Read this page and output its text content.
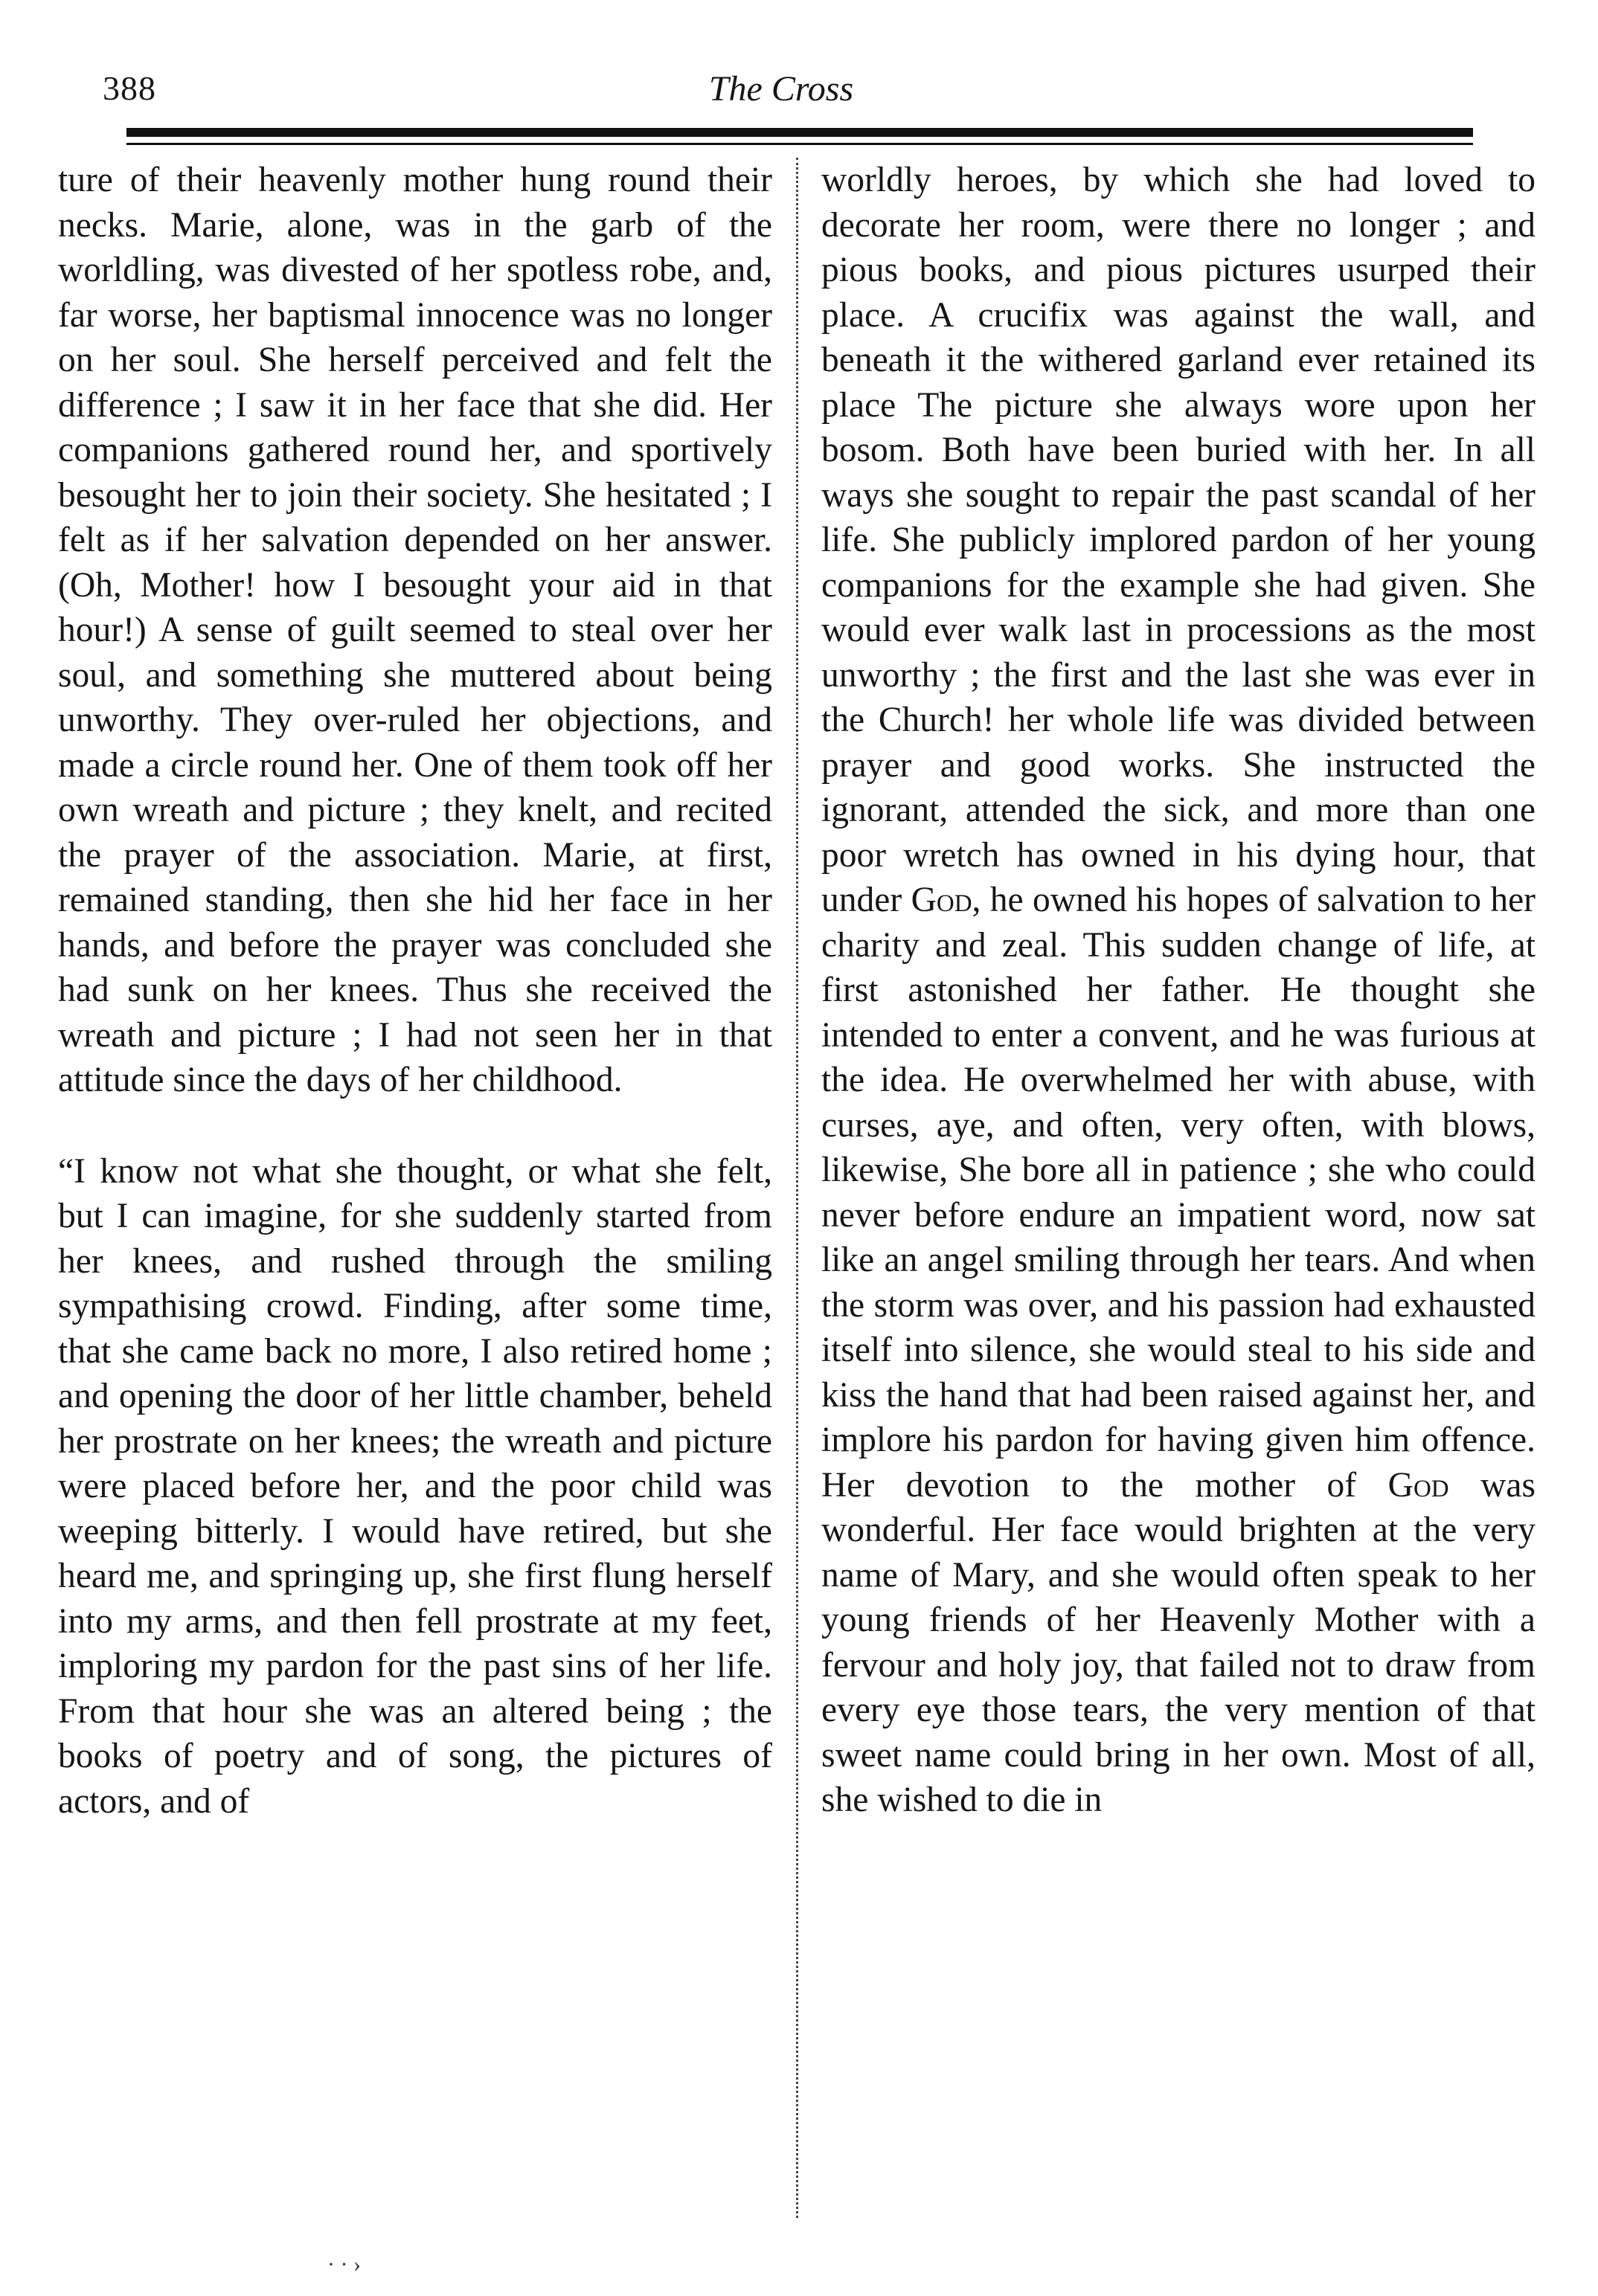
388	The Cross

ture of their heavenly mother hung round their necks. Marie, alone, was in the garb of the worldling, was divested of her spotless robe, and, far worse, her baptismal innocence was no longer on her soul. She herself perceived and felt the difference ; I saw it in her face that she did. Her companions gathered round her, and sportively besought her to join their society. She hesitated ; I felt as if her salvation depended on her answer. (Oh, Mother! how I besought your aid in that hour!) A sense of guilt seemed to steal over her soul, and something she muttered about being unworthy. They over-ruled her objections, and made a circle round her. One of them took off her own wreath and picture ; they knelt, and recited the prayer of the association. Marie, at first, remained standing, then she hid her face in her hands, and before the prayer was concluded she had sunk on her knees. Thus she received the wreath and picture ; I had not seen her in that attitude since the days of her childhood.

“I know not what she thought, or what she felt, but I can imagine, for she suddenly started from her knees, and rushed through the smiling sympathising crowd. Finding, after some time, that she came back no more, I also retired home ; and opening the door of her little chamber, beheld her prostrate on her knees; the wreath and picture were placed before her, and the poor child was weeping bitterly. I would have retired, but she heard me, and springing up, she first flung herself into my arms, and then fell prostrate at my feet, imploring my pardon for the past sins of her life. From that hour she was an altered being ; the books of poetry and of song, the pictures of actors, and of

worldly heroes, by which she had loved to decorate her room, were there no longer ; and pious books, and pious pictures usurped their place. A crucifix was against the wall, and beneath it the withered garland ever retained its place The picture she always wore upon her bosom. Both have been buried with her. In all ways she sought to repair the past scandal of her life. She publicly implored pardon of her young companions for the example she had given. She would ever walk last in processions as the most unworthy ; the first and the last she was ever in the Church! her whole life was divided between prayer and good works. She instructed the ignorant, attended the sick, and more than one poor wretch has owned in his dying hour, that under God, he owned his hopes of salvation to her charity and zeal. This sudden change of life, at first astonished her father. He thought she intended to enter a convent, and he was furious at the idea. He overwhelmed her with abuse, with curses, aye, and often, very often, with blows, likewise, She bore all in patience ; she who could never before endure an impatient word, now sat like an angel smiling through her tears. And when the storm was over, and his passion had exhausted itself into silence, she would steal to his side and kiss the hand that had been raised against her, and implore his pardon for having given him offence. Her devotion to the mother of God was wonderful. Her face would brighten at the very name of Mary, and she would often speak to her young friends of her Heavenly Mother with a fervour and holy joy, that failed not to draw from every eye those tears, the very mention of that sweet name could bring in her own. Most of all, she wished to die in

· · ›
